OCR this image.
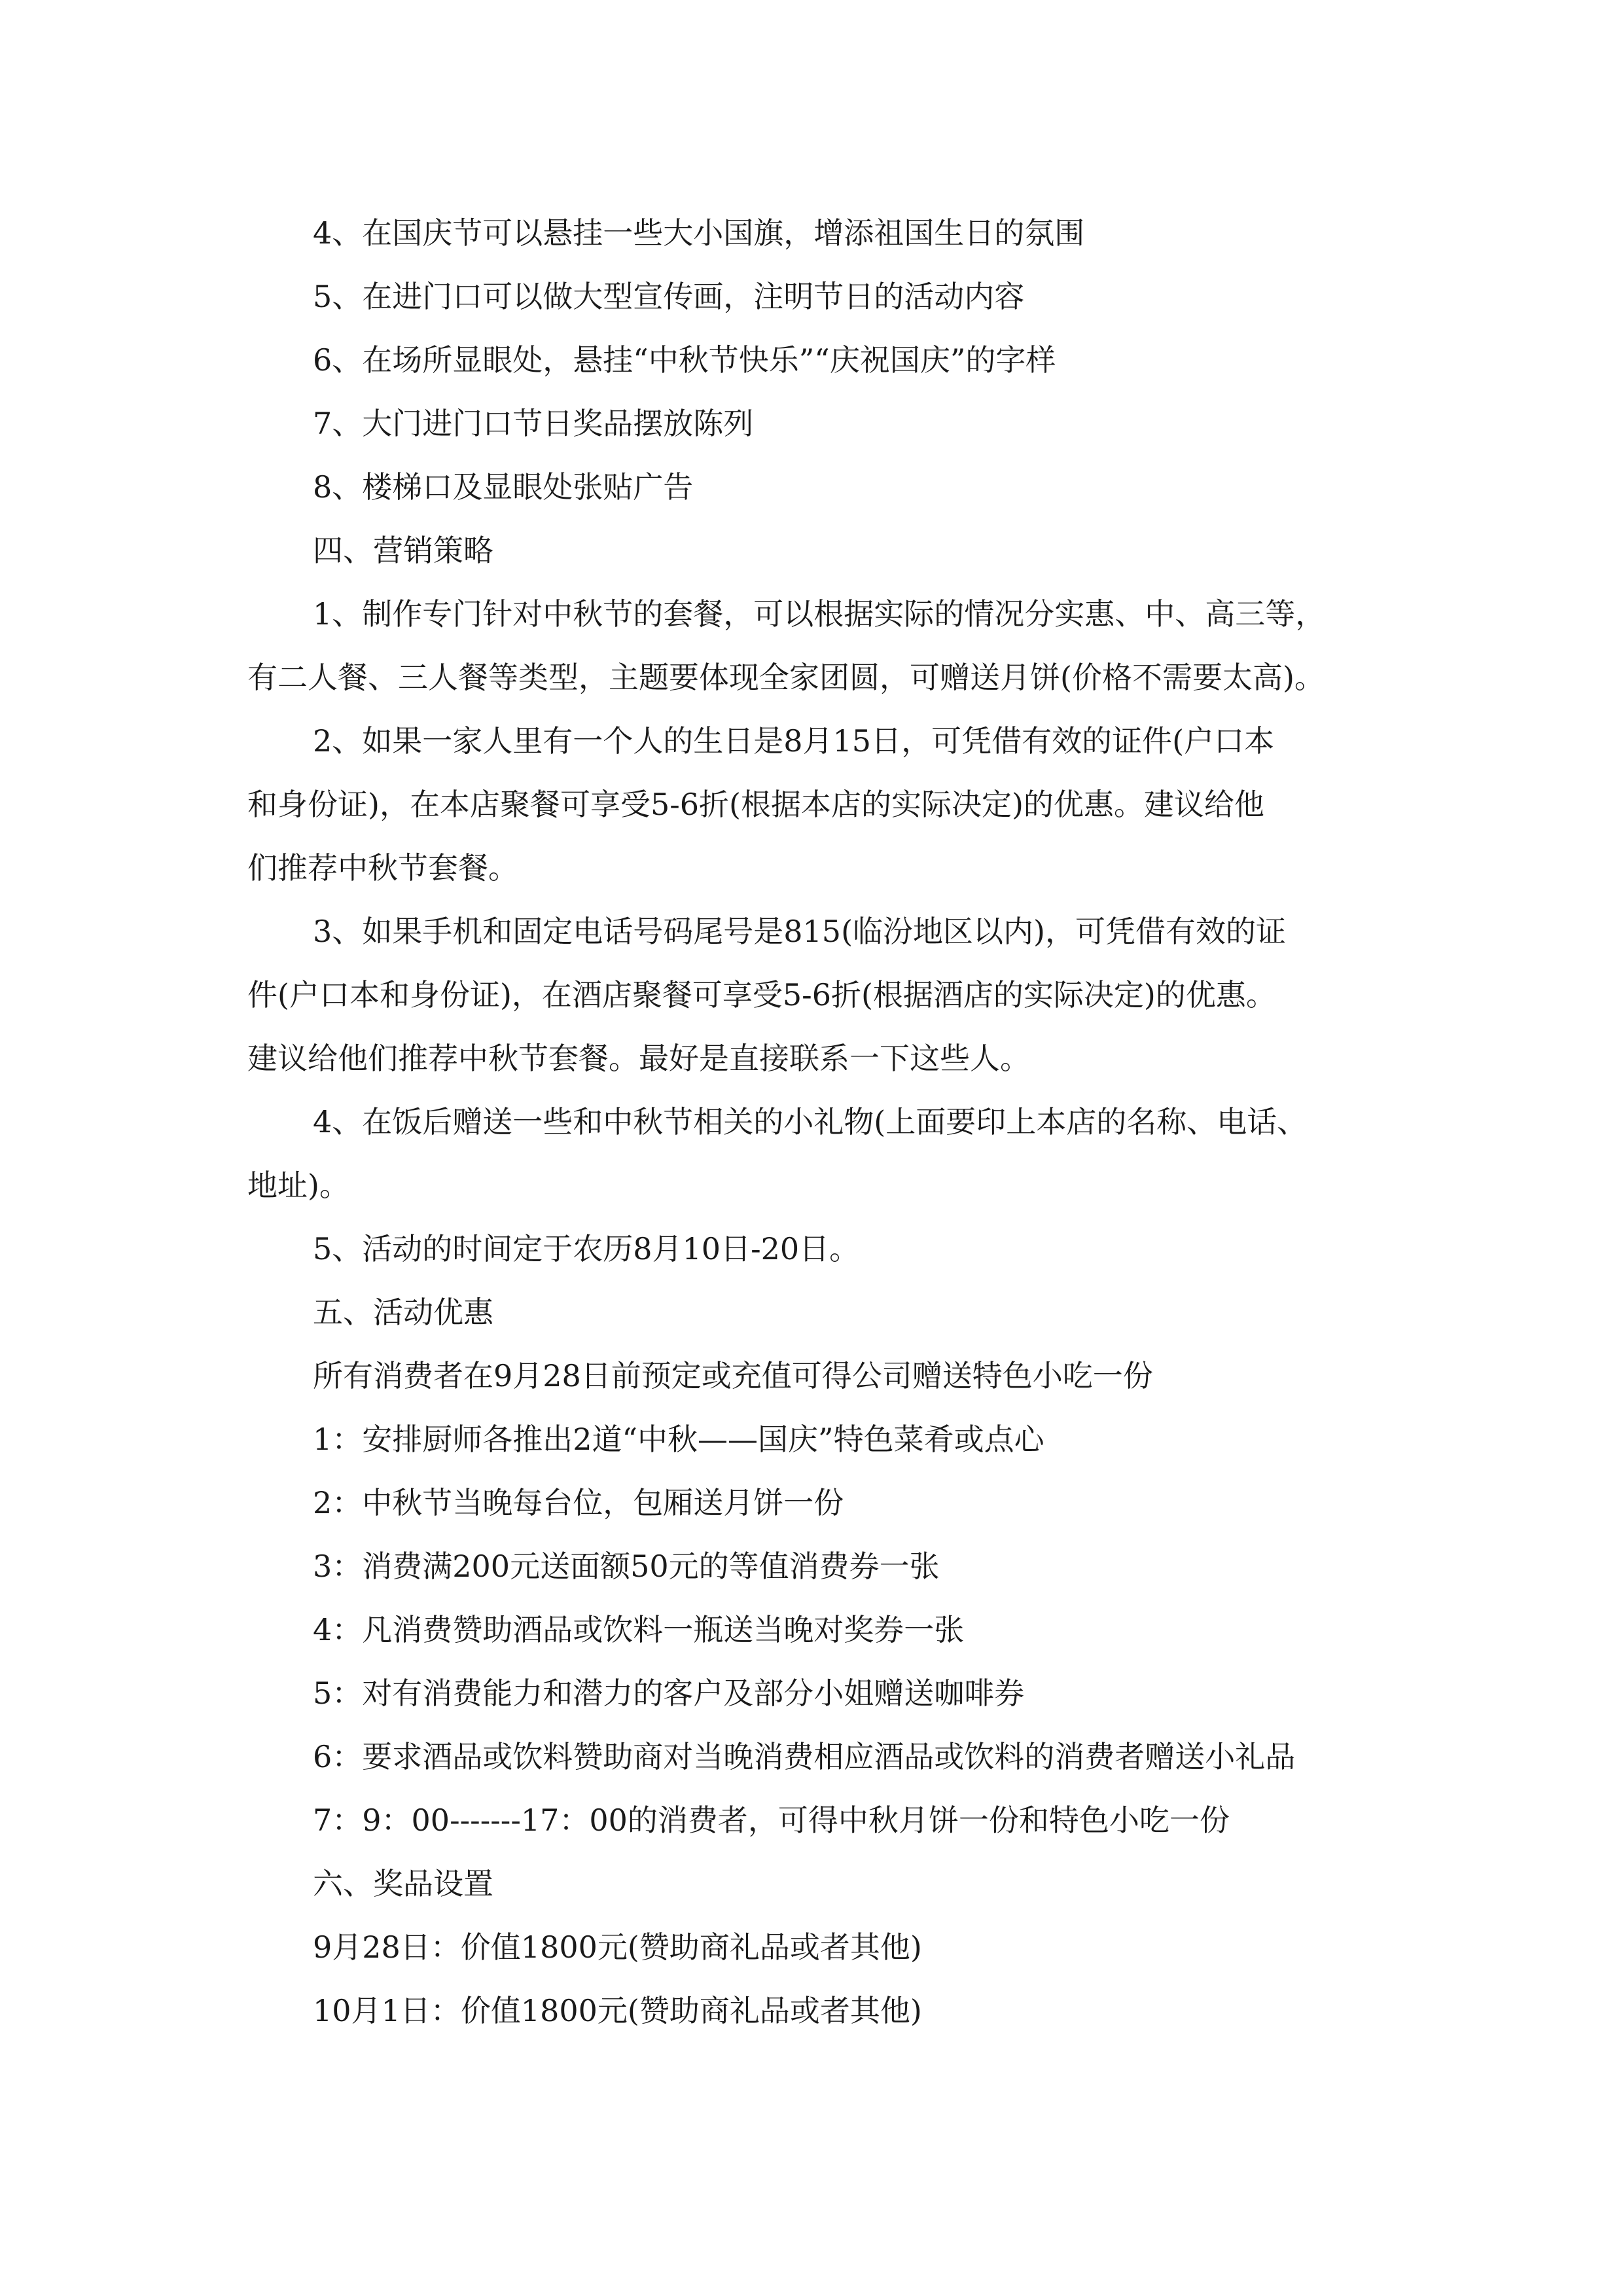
4、在国庆节可以悬挂一些大小国旗，增添祖国生日的氛围
5、在进门口可以做大型宣传画，注明节日的活动内容
6、在场所显眼处，悬挂“中秋节快乐”“庆祝国庆”的字样
7、大门进门口节日奖品摆放陈列
8、楼梯口及显眼处张贴广告
四、营销策略
1、制作专门针对中秋节的套餐，可以根据实际的情况分实惠、中、高三等，
有二人餐、三人餐等类型，主题要体现全家团圆，可赠送月饼(价格不需要太高)。
2、如果一家人里有一个人的生日是8月15日，可凭借有效的证件(户口本
和身份证)，在本店聚餐可享受5-6折(根据本店的实际决定)的优惠。建议给他
们推荐中秋节套餐。
3、如果手机和固定电话号码尾号是815(临汾地区以内)，可凭借有效的证
件(户口本和身份证)，在酒店聚餐可享受5-6折(根据酒店的实际决定)的优惠。
建议给他们推荐中秋节套餐。最好是直接联系一下这些人。
4、在饭后赠送一些和中秋节相关的小礼物(上面要印上本店的名称、电话、
地址)。
5、活动的时间定于农历8月10日-20日。
五、活动优惠
所有消费者在9月28日前预定或充值可得公司赠送特色小吃一份
1：安排厨师各推出2道“中秋——国庆”特色菜肴或点心
2：中秋节当晚每台位，包厢送月饼一份
3：消费满200元送面额50元的等值消费券一张
4：凡消费赞助酒品或饮料一瓶送当晚对奖券一张
5：对有消费能力和潜力的客户及部分小姐赠送咖啡券
6：要求酒品或饮料赞助商对当晚消费相应酒品或饮料的消费者赠送小礼品
7：9：00-------17：00的消费者，可得中秋月饼一份和特色小吃一份
六、奖品设置
9月28日：价值1800元(赞助商礼品或者其他)
10月1日：价值1800元(赞助商礼品或者其他)
